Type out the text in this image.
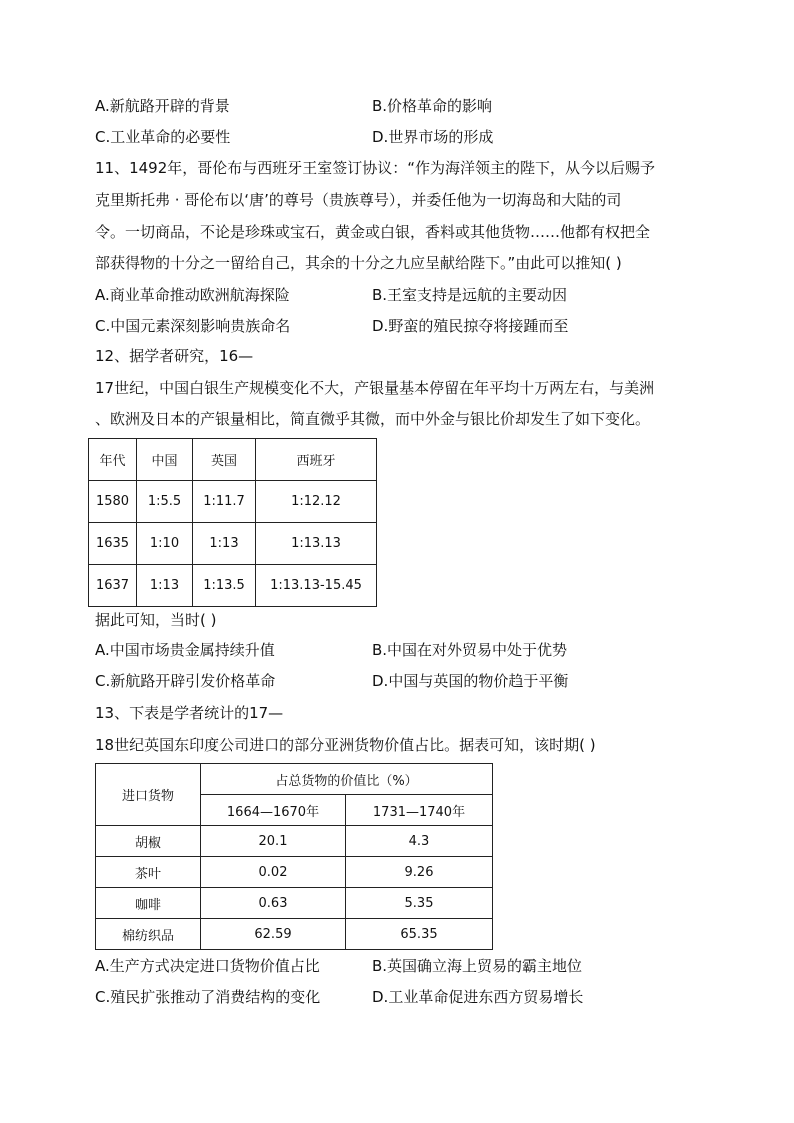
A.新航路开辟的背景	B.价格革命的影响
C.工业革命的必要性	D.世界市场的形成
11、1492年，哥伦布与西班牙王室签订协议：“作为海洋领主的陛下，从今以后赐予
克里斯托弗 · 哥伦布以‘唐’的尊号（贵族尊号），并委任他为一切海岛和大陆的司
令。一切商品，不论是珍珠或宝石，黄金或白银，香料或其他货物……他都有权把全
部获得物的十分之一留给自己，其余的十分之九应呈献给陛下。”由此可以推知( )
A.商业革命推动欧洲航海探险	B.王室支持是远航的主要动因
C.中国元素深刻影响贵族命名	D.野蛮的殖民掠夺将接踵而至
12、据学者研究，16—
17世纪，中国白银生产规模变化不大，产银量基本停留在年平均十万两左右，与美洲
、欧洲及日本的产银量相比，简直微乎其微，而中外金与银比价却发生了如下变化。
年代	中国	英国	西班牙
1580	1:5.5	1:11.7	1:12.12
1635	1:10	1:13	1:13.13
1637	1:13	1:13.5	1:13.13-15.45
据此可知，当时( )
A.中国市场贵金属持续升值	B.中国在对外贸易中处于优势
C.新航路开辟引发价格革命	D.中国与英国的物价趋于平衡
13、下表是学者统计的17—
18世纪英国东印度公司进口的部分亚洲货物价值占比。据表可知，该时期( )
进口货物	占总货物的价值比（%）	
	1664—1670年	1731—1740年
胡椒	20.1	4.3
茶叶	0.02	9.26
咖啡	0.63	5.35
棉纺织品	62.59	65.35
A.生产方式决定进口货物价值占比	B.英国确立海上贸易的霸主地位
C.殖民扩张推动了消费结构的变化	D.工业革命促进东西方贸易增长
